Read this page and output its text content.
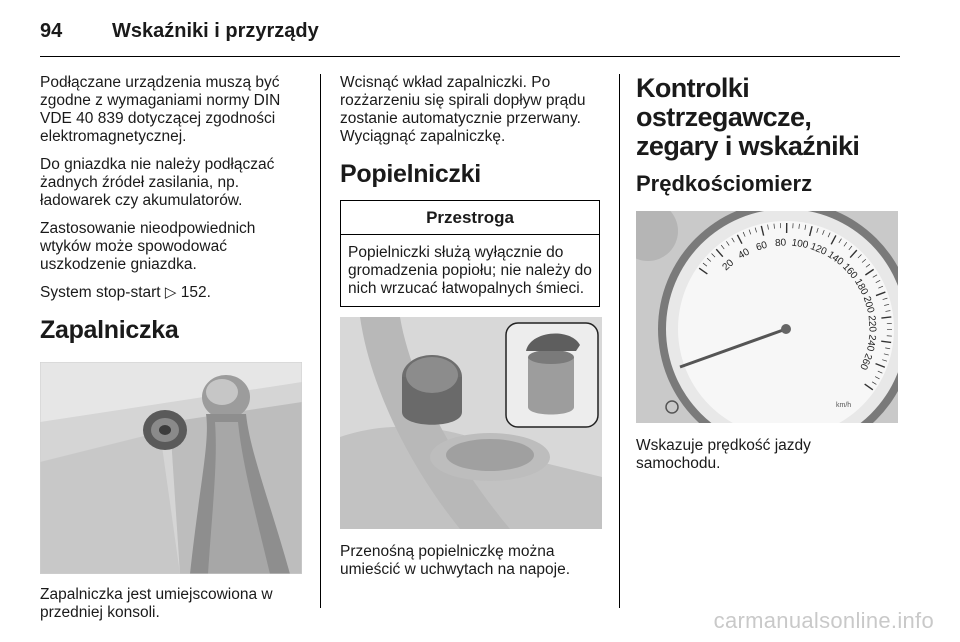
94 Wskaźniki i przyrządy

Podłączane urządzenia muszą być zgodne z wymaganiami normy DIN VDE 40 839 dotyczącej zgodności elektromagnetycznej.

Do gniazdka nie należy podłączać żadnych źródeł zasilania, np. ładowarek czy akumulatorów.

Zastosowanie nieodpowiednich wtyków może spowodować uszkodzenie gniazdka.

System stop-start ▷ 152.

Zapalniczka

Zapalniczka jest umiejscowiona w przedniej konsoli.

Wcisnąć wkład zapalniczki. Po rozżarzeniu się spirali dopływ prądu zostanie automatycznie przerwany. Wyciągnąć zapalniczkę.

Popielniczki
Przestroga
Popielniczki służą wyłącznie do gromadzenia popiołu; nie należy do nich wrzucać łatwopalnych śmieci.

Przenośną popielniczkę można umieścić w uchwytach na napoje.

Kontrolki ostrzegawcze, zegary i wskaźniki
Prędkościomierz
20
40 60 80 100 120
140
160
180
200
220
240
260
km/h

Wskazuje prędkość jazdy samochodu.

carmanualsonline.info
